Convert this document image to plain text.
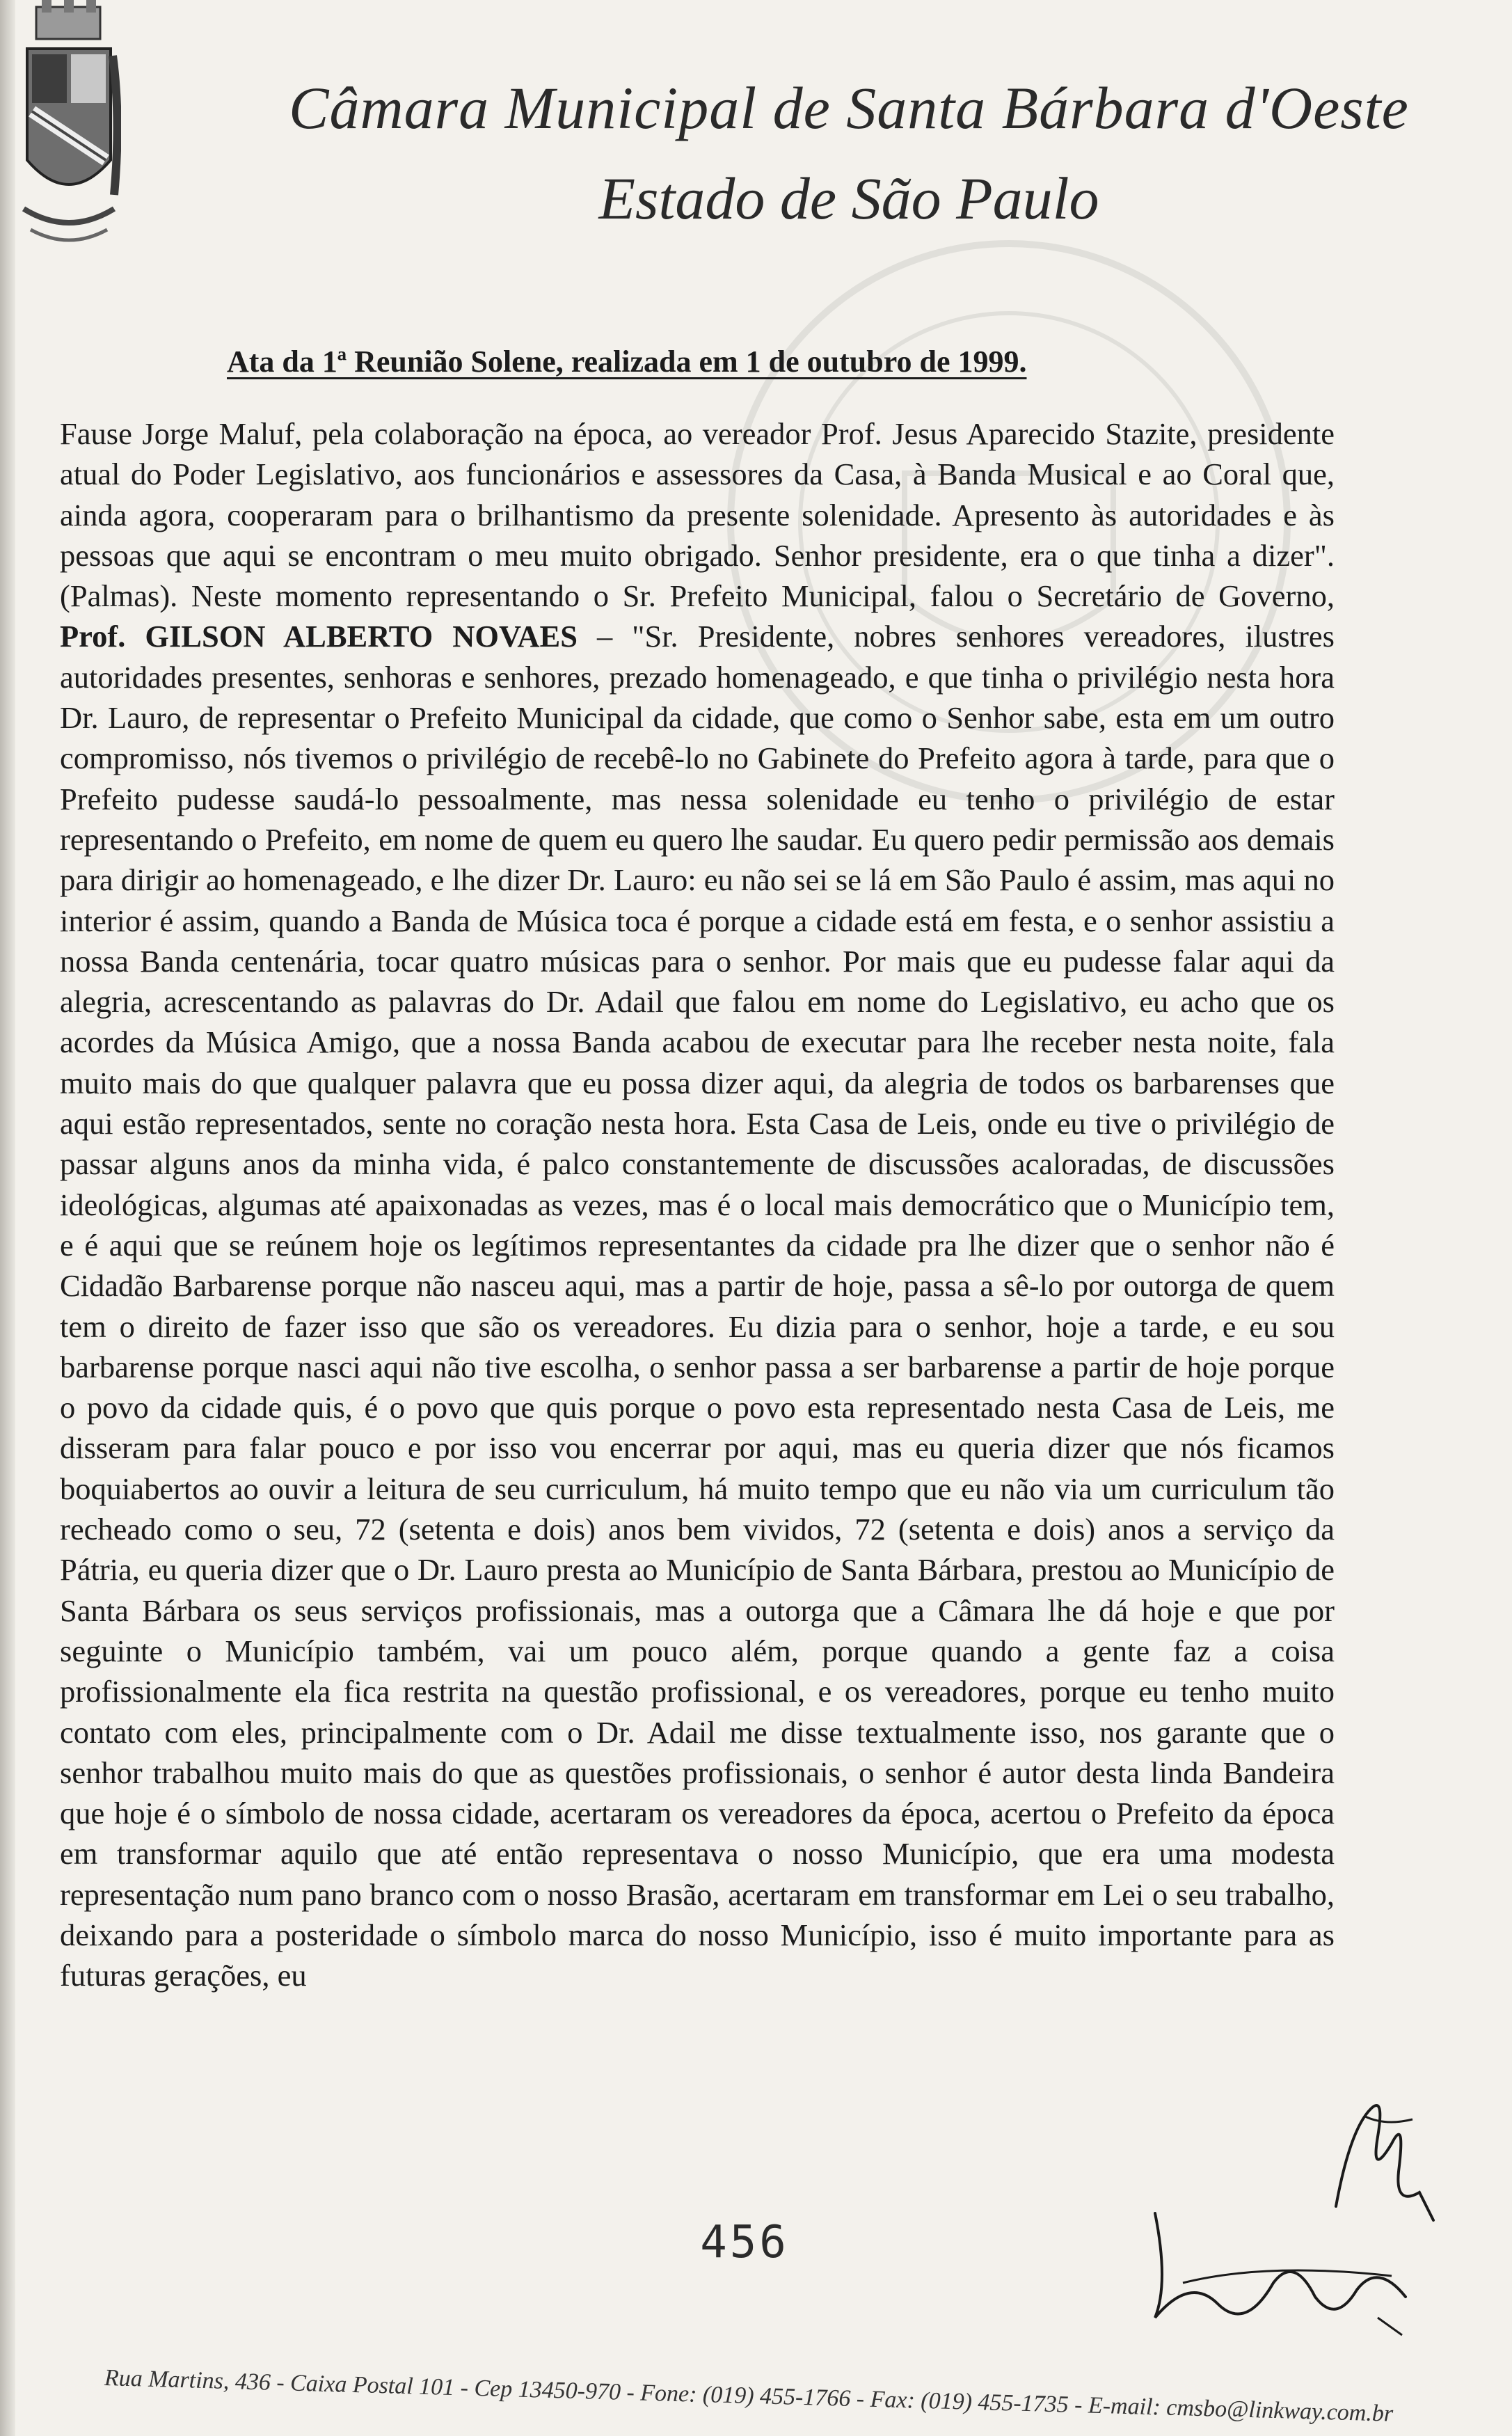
Câmara Municipal de Santa Bárbara d'Oeste
Estado de São Paulo
Ata da 1ª Reunião Solene, realizada em 1 de outubro de 1999.
Fause Jorge Maluf, pela colaboração na época, ao vereador Prof. Jesus Aparecido Stazite, presidente atual do Poder Legislativo, aos funcionários e assessores da Casa, à Banda Musical e ao Coral que, ainda agora, cooperaram para o brilhantismo da presente solenidade. Apresento às autoridades e às pessoas que aqui se encontram o meu muito obrigado. Senhor presidente, era o que tinha a dizer". (Palmas). Neste momento representando o Sr. Prefeito Municipal, falou o Secretário de Governo, Prof. GILSON ALBERTO NOVAES – "Sr. Presidente, nobres senhores vereadores, ilustres autoridades presentes, senhoras e senhores, prezado homenageado, e que tinha o privilégio nesta hora Dr. Lauro, de representar o Prefeito Municipal da cidade, que como o Senhor sabe, esta em um outro compromisso, nós tivemos o privilégio de recebê-lo no Gabinete do Prefeito agora à tarde, para que o Prefeito pudesse saudá-lo pessoalmente, mas nessa solenidade eu tenho o privilégio de estar representando o Prefeito, em nome de quem eu quero lhe saudar. Eu quero pedir permissão aos demais para dirigir ao homenageado, e lhe dizer Dr. Lauro: eu não sei se lá em São Paulo é assim, mas aqui no interior é assim, quando a Banda de Música toca é porque a cidade está em festa, e o senhor assistiu a nossa Banda centenária, tocar quatro músicas para o senhor. Por mais que eu pudesse falar aqui da alegria, acrescentando as palavras do Dr. Adail que falou em nome do Legislativo, eu acho que os acordes da Música Amigo, que a nossa Banda acabou de executar para lhe receber nesta noite, fala muito mais do que qualquer palavra que eu possa dizer aqui, da alegria de todos os barbarenses que aqui estão representados, sente no coração nesta hora. Esta Casa de Leis, onde eu tive o privilégio de passar alguns anos da minha vida, é palco constantemente de discussões acaloradas, de discussões ideológicas, algumas até apaixonadas as vezes, mas é o local mais democrático que o Município tem, e é aqui que se reúnem hoje os legítimos representantes da cidade pra lhe dizer que o senhor não é Cidadão Barbarense porque não nasceu aqui, mas a partir de hoje, passa a sê-lo por outorga de quem tem o direito de fazer isso que são os vereadores. Eu dizia para o senhor, hoje a tarde, e eu sou barbarense porque nasci aqui não tive escolha, o senhor passa a ser barbarense a partir de hoje porque o povo da cidade quis, é o povo que quis porque o povo esta representado nesta Casa de Leis, me disseram para falar pouco e por isso vou encerrar por aqui, mas eu queria dizer que nós ficamos boquiabertos ao ouvir a leitura de seu curriculum, há muito tempo que eu não via um curriculum tão recheado como o seu, 72 (setenta e dois) anos bem vividos, 72 (setenta e dois) anos a serviço da Pátria, eu queria dizer que o Dr. Lauro presta ao Município de Santa Bárbara, prestou ao Município de Santa Bárbara os seus serviços profissionais, mas a outorga que a Câmara lhe dá hoje e que por seguinte o Município também, vai um pouco além, porque quando a gente faz a coisa profissionalmente ela fica restrita na questão profissional, e os vereadores, porque eu tenho muito contato com eles, principalmente com o Dr. Adail me disse textualmente isso, nos garante que o senhor trabalhou muito mais do que as questões profissionais, o senhor é autor desta linda Bandeira que hoje é o símbolo de nossa cidade, acertaram os vereadores da época, acertou o Prefeito da época em transformar aquilo que até então representava o nosso Município, que era uma modesta representação num pano branco com o nosso Brasão, acertaram em transformar em Lei o seu trabalho, deixando para a posteridade o símbolo marca do nosso Município, isso é muito importante para as futuras gerações, eu
456
Rua Martins, 436 - Caixa Postal 101 - Cep 13450-970 - Fone: (019) 455-1766 - Fax: (019) 455-1735 - E-mail: cmsbo@linkway.com.br
